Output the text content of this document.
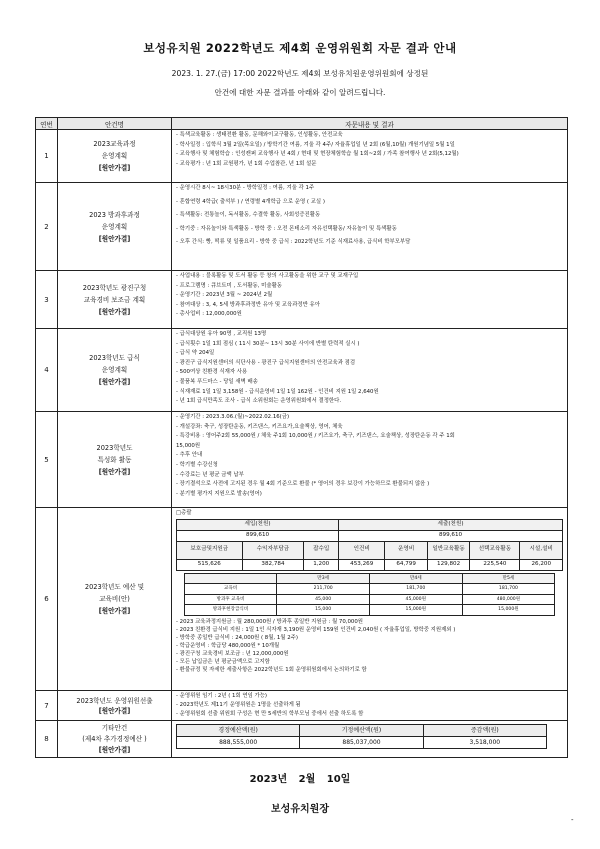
보성유치원 2022학년도 제4회 운영위원회 자문 결과 안내
2023. 1. 27.(금) 17:00 2022학년도 제4회 보성유치원운영위원회에 상정된
안건에 대한 자문 결과를 아래와 같이 알려드립니다.
연번	안건명	자문내용 및 결과
1	
2023교육과정
운영계획
[원안가결]

- 특색교육활동 : 생태전환 활동, 문해와이교구활동, 인성활동, 안전교육
- 학사일정 : 입학식 3월 2일(목요일) / 방학기간 여름, 겨울 각 4주/ 자율휴업일 년 2회 (6월,10월) 개원기념일 5월 1일
- 교육행사 및 체험학습 : 인성캔퍼 교육행사 년 4회 / 현대 및 현장체험학습 월 1회~2회 / 가족 참여행사 년 2회(5,12월)
- 교육평가 : 년 1회 교원평가, 년 1회 수업참관, 년 1회 설문

2	
2023 방과후과정
운영계획
[원안가결]

- 운영시간 8시~ 18시30분 - 방학일정 : 여름, 겨울 각 1주
- 혼합연령 4학급( 출석부 ) / 연령별 4개학급 으로 운영 ( 교실 )
- 특색활동: 전통놀이, 독서활동, 수결학 활동, 사회성증진활동
- 학기중 : 자유놀이와 특색활동 - 방학 중 : 오전 몬테소리 자유선택활동/ 자유놀이 및 특색활동
- 오후 간식: 빵, 떡류 및 일품요리 - 방학 중 급식 : 2022학년도 기준 식재료사용, 급식비 학부모부담

3	
2023학년도 광진구청
교육경비 보조금 계획
[원안가결]

- 사업내용 : 블록활동 및 도서 활동 등 창의 사고활동을 위한 교구 및 교재구입
- 프로그램명 : 큐브트미 , 도서활동, 미술활동
- 운영기간 : 2023년 3월 ~ 2024년 2월
- 참여대상 : 3, 4, 5세 방과후과정반 유아 및 교육과정반 유아
- 총사업비 : 12,000,000원

4	
2023학년도 급식
운영계획
[원안가결]

- 급식대상원 유아 90명 , 교직원 13명
- 급식횟수 1일 1회 점심 ( 11시 30분~ 13시 30분 사이에 반별 탄력적 실시 )
- 급식 약 204일
- 광진구 급식지원센터의 식단사용 - 광진구 급식지원센터의 안전교육과 점검
- 500여상 친환경 식재자 사용
- 물품복 푸드마스 - 당일 새벽 배송
- 식재재료 1일 1일 3,158원 - 급식운영비 1일 1일 162원 - 인건비 지원 1일 2,640원
- 년 1회 급식만족도 조사 - 급식 소위원회는 운영위원회에서 결정한다.

5	
2023학년도
특성화 활동
[원안가결]

- 운영기간 : 2023.3.06.(월)~2022.02.16(금)
- 개설강좌: 축구, 성장탄운동, 키즈댄스, 키즈요가,요술책상, 영어, 체육
- 특강비용 : 영어주2회 55,000원 / 체육 주1회 10,000원 / 키즈요가, 축구, 키즈댄스, 요술책상, 성장탄운동 각 주 1회
15,000원
- 추후 안내
- 학기별 수강신청
- 수강료는 년 평균 금액 납부
- 장기결석으로 사전에 고지된 경우 월 4회 기준으로 환불 (* 영어의 경우 보강이 가능하므로 환불되지 않음 )
- 분기별 평가지 지원으로 발송(영어)

6	
2023학년도 예산 및
교육비(안)
[원안가결]

□총괄
세입(천원)	세출(천원)
899,610	899,610
보호금및지원금	수익자부담금	잡수입	인건비	운영비	일반교육활동	선택교육활동	시설,설비
515,626	382,784	1,200	453,269	64,799	129,802	225,540	26,200
	만3세	만4세	만5세
교육비	211,700	181,700	181,700
방과후 교육비	45,000	45,000원	480,000원
방과후현장급식비	15,000	15,000원	15,000원
- 2023 교육과정지원금 : 월 280,000원 / 방과후 종일반 지원금 : 월 70,000원
- 2023 친환경 급식비 지원 : 1일 1인 식자재 3,190원 운영비 159원 인건비 2,040원 ( 자율휴업일, 방학중 지원제외 )
- 방학중 종일반 급식비 : 24,000원 ( 8월, 1월 2주)
- 학급운영비 : 학급당 480,000원 * 10개월
- 광진구청 교육경비 보조금 : 년 12,000,000원
- 모든 납입금은 년 평균금액으로 고지함
- 환불규정 및 자세한 세출사항은 2022학년도 1회 운영위원회에서 논의하기로 함

7	
2023학년도 운영위원선출
[원안가결]

- 운영위원 임기 : 2년 ( 1회 연임 가능)
- 2023학년도 제11기 운영위원은 1명을 선출하게 됨
- 운영위원회 선출 위원회 구성은 현 만 5세반의 학부모님 중에서 선출 하도록 함

8	
기타안건
(제4차 추가경정예산 )
[원안가결]

경정예산액(원)	기정예산액(원)	증감액(원)
888,555,000	885,037,000	3,518,000
-
2023년 2월 10일
보성유치원장
